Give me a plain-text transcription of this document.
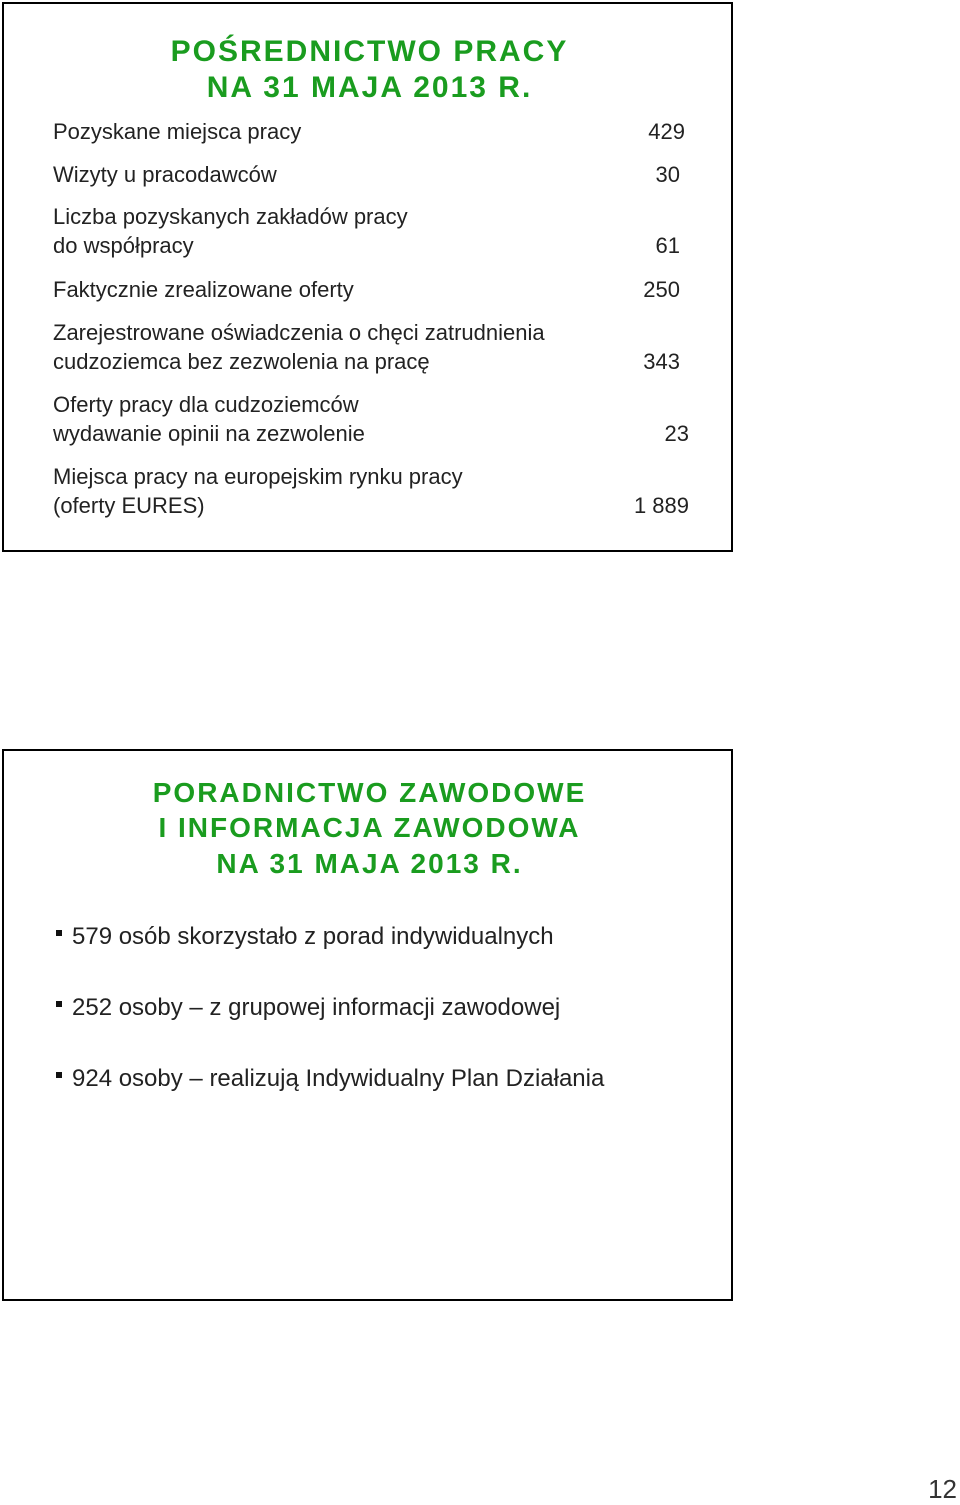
POŚREDNICTWO PRACY
NA 31 MAJA 2013 R.
Pozyskane miejsca pracy	429
Wizyty u pracodawców	30
Liczba pozyskanych zakładów pracy
do współpracy	61
Faktycznie zrealizowane oferty	250
Zarejestrowane oświadczenia o chęci zatrudnienia
cudzoziemca bez zezwolenia na pracę	343
Oferty pracy dla cudzoziemców
wydawanie opinii na zezwolenie	23
Miejsca pracy na europejskim rynku pracy
(oferty EURES)	1 889
PORADNICTWO ZAWODOWE
I INFORMACJA ZAWODOWA
NA 31 MAJA 2013 R.
579 osób skorzystało z porad indywidualnych
252 osoby – z grupowej informacji zawodowej
924 osoby – realizują Indywidualny Plan Działania
12
